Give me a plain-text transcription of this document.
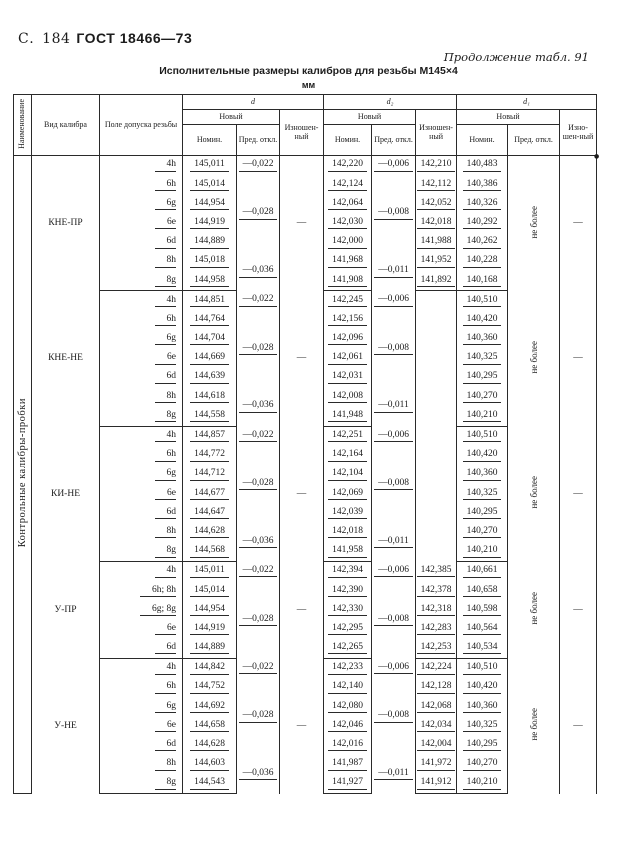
С. 184 ГОСТ 18466—73
Продолжение табл. 91
Исполнительные размеры калибров для резьбы М145×4
мм
Наименование	Вид калибра	Поле допуска резьбы	d			d₂			d₁		
			Новый		Изношен-ный	Новый		Изношен-ный	Новый		Изно-шен-ный

			Номин.	Пред. откл.		Номин.	Пред. откл.		Номин.	Пред. откл.	

Контрольные калибры-пробки	КНЕ-ПР	4h	145,011	—0,022	—	142,220	—0,006	142,210	140,483	не более	—
		6h	145,014	—0,028		142,124	—0,008	142,112	140,386		
		6g	144,954			142,064		142,052	140,326		
		6e	144,919			142,030		142,018	140,292		
		6d	144,889			142,000		141,988	140,262		
		8h	145,018	—0,036		141,968	—0,011	141,952	140,228		
		8g	144,958			141,908		141,892	140,168		
	КНЕ-НЕ	4h	144,851	—0,022	—	142,245	—0,006		140,510	не более	—
		6h	144,764	—0,028		142,156	—0,008		140,420		
		6g	144,704			142,096			140,360		
		6e	144,669			142,061			140,325		
		6d	144,639			142,031			140,295		
		8h	144,618	—0,036		142,008	—0,011		140,270		
		8g	144,558			141,948			140,210		
	КИ-НЕ	4h	144,857	—0,022	—	142,251	—0,006		140,510	не более	—
		6h	144,772	—0,028		142,164	—0,008		140,420		
		6g	144,712			142,104			140,360		
		6e	144,677			142,069			140,325		
		6d	144,647			142,039			140,295		
		8h	144,628	—0,036		142,018	—0,011		140,270		
		8g	144,568			141,958			140,210		
	У-ПР	4h	145,011	—0,022	—	142,394	—0,006	142,385	140,661	не более	—
		6h; 8h	145,014	—0,028		142,390	—0,008	142,378	140,658		
		6g; 8g	144,954			142,330		142,318	140,598		
		6e	144,919			142,295		142,283	140,564		
		6d	144,889			142,265		142,253	140,534		
	У-НЕ	4h	144,842	—0,022	—	142,233	—0,006	142,224	140,510	не более	—
		6h	144,752	—0,028		142,140	—0,008	142,128	140,420		
		6g	144,692			142,080		142,068	140,360		
		6e	144,658			142,046		142,034	140,325		
		6d	144,628			142,016		142,004	140,295		
		8h	144,603	—0,036		141,987	—0,011	141,972	140,270		
		8g	144,543			141,927		141,912	140,210		
●
